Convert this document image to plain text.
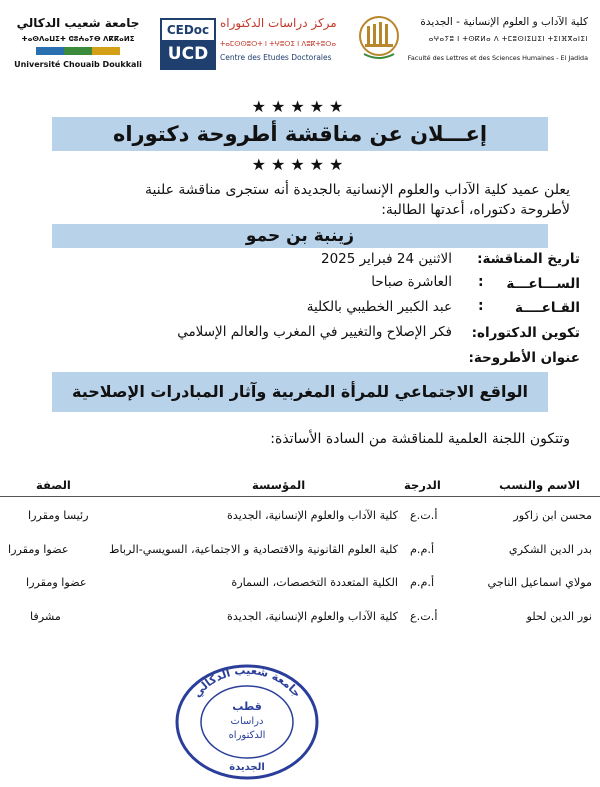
كلية الآداب و العلوم الإنسانية - الجديدة
ⴰⵖⴰⵢⵓ ⵏ ⵜⵙⴽⵍⴰ ⴷ ⵜⵎⵓⵙⵏⵉⵡⵉⵏ ⵜⵉⵏⴼⴳⴰⵏⵉⵏ
Faculté des Lettres et des Sciences Humaines - El Jadida
CEDoc
UCD
مركز دراسات الدكتوراه
ⵜⴰⵎⵙⵙⵓⵔⵜ ⵏ ⵜⵖⵓⵔⵉ ⵏ ⴷⵓⴽⵜⵓⵔⴰ
Centre des Etudes Doctorales
جامعة شعيب الدكالي
ⵜⴰⵙⴷⴰⵡⵉⵜ ⵛⵓⵄⴰⵢⴱ ⴷⴽⴽⴰⵍⵉ
Université Chouaib Doukkali
★★★★★
إعـــلان عن مناقشة أطروحة دكتوراه
★★★★★
يعلن عميد كلية الآداب والعلوم الإنسانية بالجديدة أنه ستجرى مناقشة علنية
لأطروحة دكتوراه، أعدتها الطالبة:
زينبة بن حمو
تاريخ المناقشة:
الاثنين 24 فبراير 2025
الســـاعـــة
:
العاشرة صباحا
القـاعــــة
:
عبد الكبير الخطيبي بالكلية
تكوين الدكتوراه:
فكر الإصلاح والتغيير في المغرب والعالم الإسلامي
عنوان الأطروحة:
الواقع الاجتماعي للمرأة المغربية وآثار المبادرات الإصلاحية
وتتكون اللجنة العلمية للمناقشة من السادة الأساتذة:
الاسم والنسب
الدرجة
المؤسسة
الصفة
محسن ابن زاكور
أ.ت.ع
كلية الآداب والعلوم الإنسانية، الجديدة
رئيسا ومقررا
بدر الدين الشكري
أ.م.م
كلية العلوم القانونية والاقتصادية و الاجتماعية، السويسي-الرباط
عضوا ومقررا
مولاي اسماعيل الناجي
أ.م.م
الكلية المتعددة التخصصات، السمارة
عضوا ومقررا
نور الدين لحلو
أ.ت.ع
كلية الآداب والعلوم الإنسانية، الجديدة
مشرفا
جامعة شعيب الدكالي
قطب
دراسات
الدكتوراه
الجديدة
